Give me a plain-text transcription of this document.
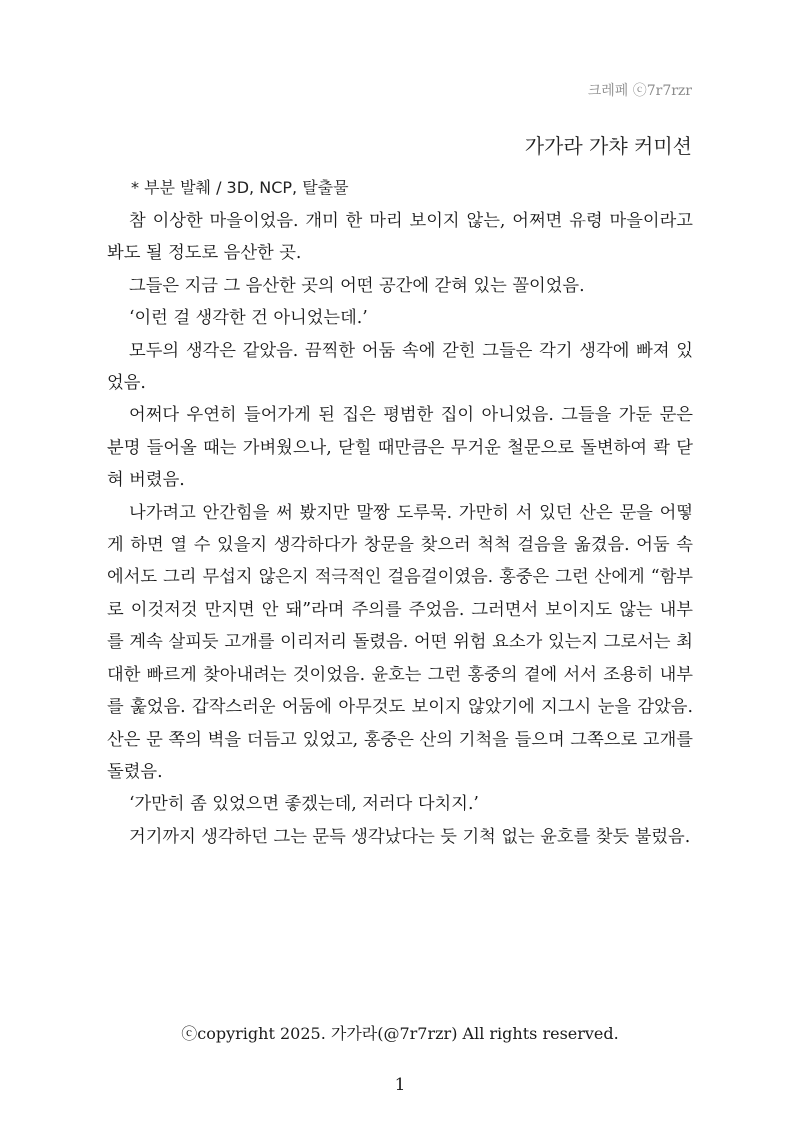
크레페 ⓒ7r7rzr
가가라 가챠 커미션
* 부분 발췌 / 3D, NCP, 탈출물

참 이상한 마을이었음. 개미 한 마리 보이지 않는, 어쩌면 유령 마을이라고 봐도 될 정도로 음산한 곳.

그들은 지금 그 음산한 곳의 어떤 공간에 갇혀 있는 꼴이었음.

‘이런 걸 생각한 건 아니었는데.’

모두의 생각은 같았음. 끔찍한 어둠 속에 갇힌 그들은 각기 생각에 빠져 있었음.

어쩌다 우연히 들어가게 된 집은 평범한 집이 아니었음. 그들을 가둔 문은 분명 들어올 때는 가벼웠으나, 닫힐 때만큼은 무거운 철문으로 돌변하여 콱 닫혀 버렸음.

나가려고 안간힘을 써 봤지만 말짱 도루묵. 가만히 서 있던 산은 문을 어떻게 하면 열 수 있을지 생각하다가 창문을 찾으러 척척 걸음을 옮겼음. 어둠 속에서도 그리 무섭지 않은지 적극적인 걸음걸이였음. 홍중은 그런 산에게 “함부로 이것저것 만지면 안 돼”라며 주의를 주었음. 그러면서 보이지도 않는 내부를 계속 살피듯 고개를 이리저리 돌렸음. 어떤 위험 요소가 있는지 그로서는 최대한 빠르게 찾아내려는 것이었음. 윤호는 그런 홍중의 곁에 서서 조용히 내부를 훑었음. 갑작스러운 어둠에 아무것도 보이지 않았기에 지그시 눈을 감았음. 산은 문 쪽의 벽을 더듬고 있었고, 홍중은 산의 기척을 들으며 그쪽으로 고개를 돌렸음.

‘가만히 좀 있었으면 좋겠는데, 저러다 다치지.’

거기까지 생각하던 그는 문득 생각났다는 듯 기척 없는 윤호를 찾듯 불렀음.

ⓒcopyright 2025. 가가라(@7r7rzr) All rights reserved.
1
